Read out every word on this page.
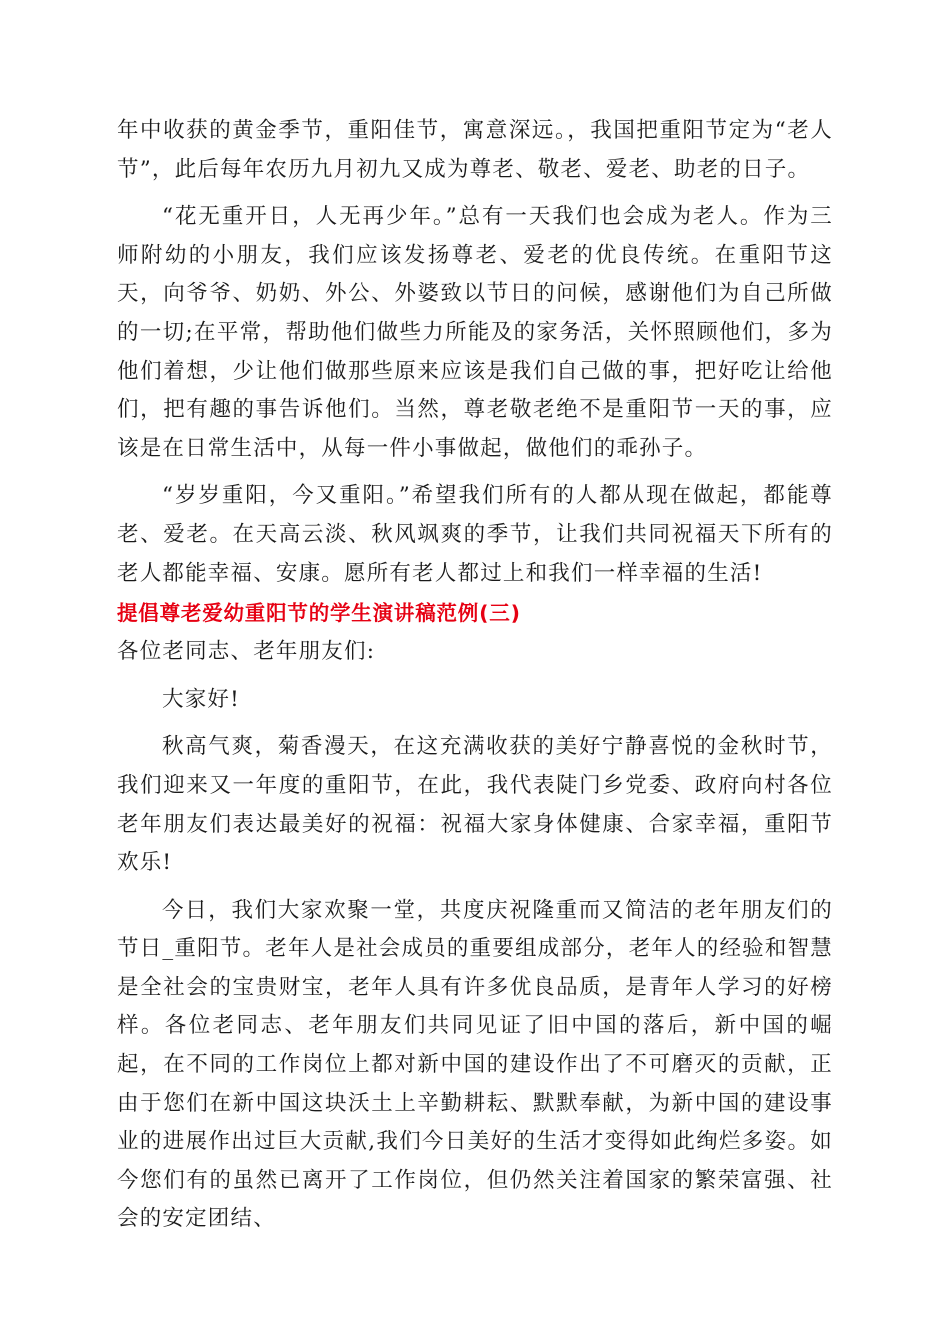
年中收获的黄金季节，重阳佳节，寓意深远。，我国把重阳节定为“老人节”，此后每年农历九月初九又成为尊老、敬老、爱老、助老的日子。

“花无重开日，人无再少年。”总有一天我们也会成为老人。作为三师附幼的小朋友，我们应该发扬尊老、爱老的优良传统。在重阳节这天，向爷爷、奶奶、外公、外婆致以节日的问候，感谢他们为自己所做的一切;在平常，帮助他们做些力所能及的家务活，关怀照顾他们，多为他们着想，少让他们做那些原来应该是我们自己做的事，把好吃让给他们，把有趣的事告诉他们。当然，尊老敬老绝不是重阳节一天的事，应该是在日常生活中，从每一件小事做起，做他们的乖孙子。

“岁岁重阳，今又重阳。”希望我们所有的人都从现在做起，都能尊老、爱老。在天高云淡、秋风飒爽的季节，让我们共同祝福天下所有的老人都能幸福、安康。愿所有老人都过上和我们一样幸福的生活!

提倡尊老爱幼重阳节的学生演讲稿范例(三)

各位老同志、老年朋友们:

大家好!

秋高气爽，菊香漫天，在这充满收获的美好宁静喜悦的金秋时节，我们迎来又一年度的重阳节，在此，我代表陡门乡党委、政府向村各位老年朋友们表达最美好的祝福：祝福大家身体健康、合家幸福，重阳节欢乐!

今日，我们大家欢聚一堂，共度庆祝隆重而又简洁的老年朋友们的节日_重阳节。老年人是社会成员的重要组成部分，老年人的经验和智慧是全社会的宝贵财宝，老年人具有许多优良品质，是青年人学习的好榜样。各位老同志、老年朋友们共同见证了旧中国的落后，新中国的崛起，在不同的工作岗位上都对新中国的建设作出了不可磨灭的贡献，正由于您们在新中国这块沃土上辛勤耕耘、默默奉献，为新中国的建设事业的进展作出过巨大贡献,我们今日美好的生活才变得如此绚烂多姿。如今您们有的虽然已离开了工作岗位，但仍然关注着国家的繁荣富强、社会的安定团结、
